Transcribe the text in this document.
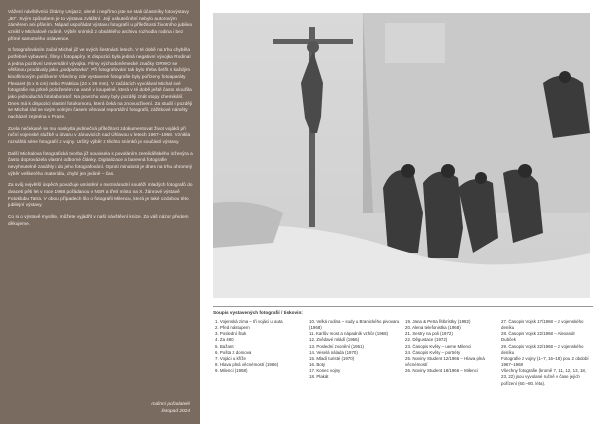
Vážení návštěvníci čítárny Unijazz, oleně i nepřímo jste se stali účastníky fotovýstavy „80“. Svým způsobem je to výstava zvláštní. Její uskutečnění nebylo autorovým záměrem ani přáním. Nápad uspořádat výstavu fotografií u příležitosti životního jubilea vznikl v Michalově rodině. Výběr snímků z obsáhlého archivu rozhodla rodina i bez přímé samotného oslavence.

S fotografováním začal Michal již ve svých šestnácti letech. V té době na trhu chyběla potřebné vybavení, filmy i fotopapíry. K dispozici byla jediná negativní vývojka Rodinal a jedna pozitivní Universální vývojka. Filmy východoněmecké značky ORWO se většinou prodávaly jako „podpultovka“. Při fotografování tak bylo třeba šetřit s každým kinofilmovým políčkem! Všechny zde vystavené fotografie byly pořízeny fotoaparáty Flexaret (6 x 6 cm) nebo Praktica (24 x 36 mm). V začátcích vyvolával Michal své fotografie na prkně položeném na vaně v koupelně, která v té době ještě často sloužila jako jednoduchá fotolaboratoř. Na povrchu vany byly později znát stopy chemikálií. Dnes má k dispozici vlastní fotokomoru, která čeká na znovuoživení. Za studií i později se Michal rád se svým volným časem věnoval reportážní fotografii, zážitkové náměty nacházel zejména v Praze.

Zcela nečekaně se mu naskytla jedinečná příležitost zdokumentovat život vojáků při roční vojenské službě u útvaru v Jánovicích nad Úhlavou v letech 1967–1968. Vznikla rozsáhlá série fotografií z vojny. Určitý výběr z těchto snímků je součástí výstavy.

Další Michalova fotografická tvorba již souvisela s povoláním zemědělského inženýra a často doprovázela vlastní odborné články. Digitalizace a barevná fotografie nevyhnutelně zasáhly i do jeho fotografování. Oproti minulosti je dnes na trhu ohromný výběr veškerého materiálu, chybí jen jedině – čas.

Za svůj největší úspěch považuje umístění v mezinárodní soutěži mladých fotografů do dvaceti pěti let v roce 1968 pořádanou v NSR a třetí místo na X. žánrové výstavě Fotoklubu Tatra. V obou případech šlo o fotografii Milencu, která je také ozdobou této jubilejní výstavy.

Co si o výstavě myslíte, můžete vyjádřit v naší návštěvní knize. Za váš názor předem děkujeme.

rodinní pořadatelé
listopad 2024
Soupis vystavených fotografií / tiskovin:
1. Vojenská zima – tři vojáci u auta
2. Před nástupem
3. Poslední štuk
4. Za 480
5. Bažant
6. Pošta z domova
7. Vojáci u kříže
8. Hlava plná věcnémostí (1966)
9. Milenci (1968)
10. Velká rodina – sudy u Branického pivovaru (1968)
11. Karlův most a nápadník vzhůr (1968)
12. Zvědavé mládí (1966)
13. Poslední zvonění (1961)
14. Veselá nálada (1970)
15. Mladí turisté (1970)
16. Boty
17. Konec vojny
18. Plakát
19. Jana & Petra řitibrístky (1982)
20. Alena telefonistka (1968)
21. Sestry na poli (1972)
22. Děgustace (1972)
23. Časopis Květy – ueme Milenci
24. Časopis Květy – portréty
25. Noviny Student 12/1966 – Hlava plná věcnémostí
26. Noviny Student 18/1966 – Milenci
27. Časopis Vojsk 17/1968 – z vojenského deníku
28. Časopis Vojsk 22/1968 – Alexandr Dubček
29. Časopis Vojsk 22/1968 – z vojenského deníku
Fotografie z vojny (1–7, 16–18) pou 2 období 1967–1968
Všechny fotografie (kromě 7, 11, 12, 13, 18, 23, 22) jsou vyvolané ručně v čase jejich pořízení (60.–80. léta).
